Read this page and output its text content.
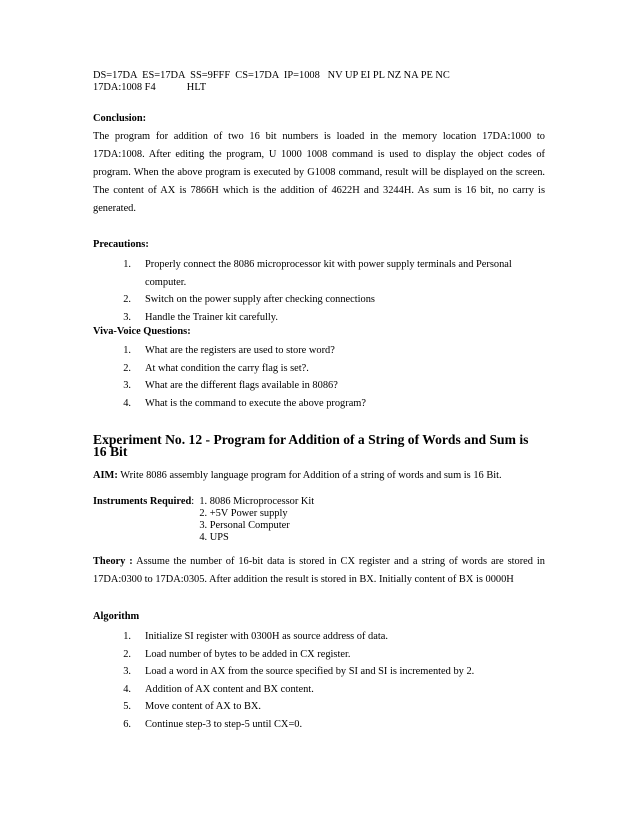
DS=17DA  ES=17DA  SS=9FFF  CS=17DA  IP=1008   NV UP EI PL NZ NA PE NC

17DA:1008 F4            HLT

Conclusion:

The program for addition of two 16 bit numbers is loaded in the memory location 17DA:1000 to 17DA:1008. After editing the program, U 1000 1008 command is used to display the object codes of program. When the above program is executed by G1008 command, result will be displayed on the screen. The content of AX is 7866H which is the addition of 4622H and 3244H. As sum is 16 bit, no carry is generated.

Precautions:
1.	Properly connect the 8086 microprocessor kit with power supply terminals and Personal computer.
2.	Switch on the power supply after checking connections
3.	Handle the Trainer kit carefully.
Viva-Voice Questions:
1.	What are the registers are used to store word?
2.	At what condition the carry flag is set?.
3.	What are the different flags available in 8086?
4.	What is the command to execute the above program?
Experiment No. 12 - Program for Addition of a String of Words and Sum is 16 Bit

AIM: Write 8086 assembly language program for Addition of a string of words and sum is 16 Bit.

Instruments Required : 1. 8086 Microprocessor Kit
2. +5V Power supply
3. Personal Computer
4. UPS

Theory : Assume the number of 16-bit data is stored in CX register and a string of words are stored in 17DA:0300 to 17DA:0305. After addition the result is stored in BX. Initially content of BX is 0000H

Algorithm
1.	Initialize SI register with 0300H as source address of data.
2.	Load number of bytes to be added in CX register.
3.	Load a word in AX from the source specified by SI and SI is incremented by 2.
4.	Addition of AX content and BX content.
5.	Move content of AX to BX.
6.	Continue step-3 to step-5 until CX=0.
